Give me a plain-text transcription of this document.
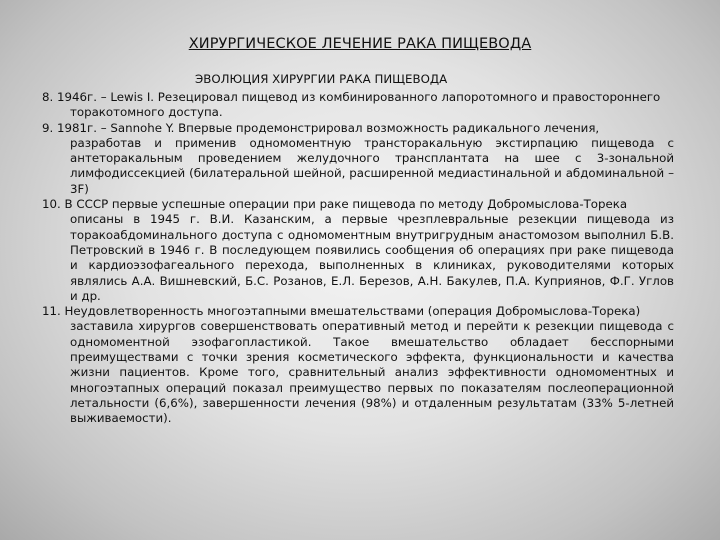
ХИРУРГИЧЕСКОЕ ЛЕЧЕНИЕ РАКА ПИЩЕВОДА
ЭВОЛЮЦИЯ ХИРУРГИИ РАКА ПИЩЕВОДА
8. 1946г. – Lewis I. Резецировал пищевод из комбинированного лапоротомного и правостороннего
торакотомного доступа.
9. 1981г. – Sannohe Y. Впервые продемонстрировал возможность радикального лечения,
разработав и применив одномоментную трансторакальную экстирпацию пищевода с антеторакальным проведением желудочного трансплантата на шее с 3-зональной лимфодиссекцией (билатеральной шейной, расширенной медиастинальной и абдоминальной – 3F)
10. В СССР первые успешные операции при раке пищевода по методу Добромыслова-Торека
описаны в 1945 г. В.И. Казанским, а первые чрезплевральные резекции пищевода из торакоабдоминального доступа с одномоментным внутригрудным анастомозом выполнил Б.В. Петровский в 1946 г. В последующем появились сообщения об операциях при раке пищевода и кардиоэзофагеального перехода, выполненных в клиниках, руководителями которых являлись А.А. Вишневский, Б.С. Розанов, Е.Л. Березов, А.Н. Бакулев, П.А. Куприянов, Ф.Г. Углов и др.
11. Неудовлетворенность многоэтапными вмешательствами (операция Добромыслова-Торека)
заставила хирургов совершенствовать оперативный метод и перейти к резекции пищевода с одномоментной эзофагопластикой. Такое вмешательство обладает бесспорными преимуществами с точки зрения косметического эффекта, функциональности и качества жизни пациентов. Кроме того, сравнительный анализ эффективности одномоментных и многоэтапных операций показал преимущество первых по показателям послеоперационной летальности (6,6%), завершенности лечения (98%) и отдаленным результатам (33% 5-летней выживаемости).
